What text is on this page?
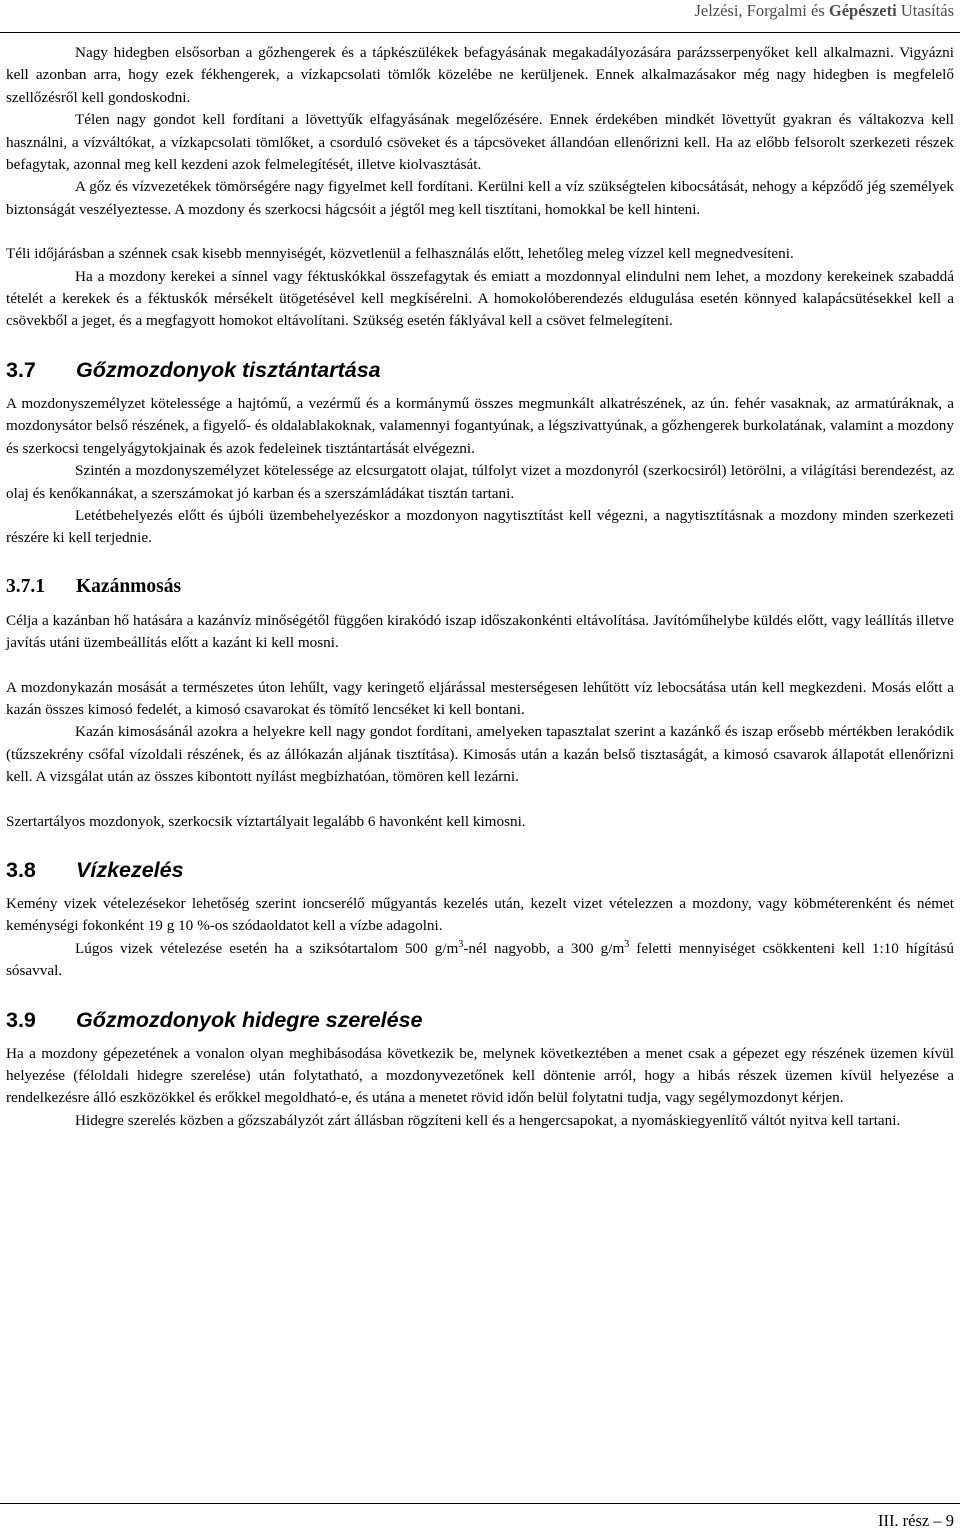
Jelzési, Forgalmi és Gépészeti Utasítás

Nagy hidegben elsősorban a gőzhengerek és a tápkészülékek befagyásának megakadályozására parázsserpenyőket kell alkalmazni. Vigyázni kell azonban arra, hogy ezek fékhengerek, a vízkapcsolati tömlők közelébe ne kerüljenek. Ennek alkalmazásakor még nagy hidegben is megfelelő szellőzésről kell gondoskodni.

Télen nagy gondot kell fordítani a lövettyűk elfagyásának megelőzésére. Ennek érdekében mindkét lövettyűt gyakran és váltakozva kell használni, a vízváltókat, a vízkapcsolati tömlőket, a csorduló csöveket és a tápcsöveket állandóan ellenőrizni kell. Ha az előbb felsorolt szerkezeti részek befagytak, azonnal meg kell kezdeni azok felmelegítését, illetve kiolvasztását.

A gőz és vízvezetékek tömörségére nagy figyelmet kell fordítani. Kerülni kell a víz szükségtelen kibocsátását, nehogy a képződő jég személyek biztonságát veszélyeztesse. A mozdony és szerkocsi hágcsóit a jégtől meg kell tisztítani, homokkal be kell hinteni.

Téli időjárásban a szénnek csak kisebb mennyiségét, közvetlenül a felhasználás előtt, lehetőleg meleg vízzel kell megnedvesíteni.

Ha a mozdony kerekei a sínnel vagy féktuskókkal összefagytak és emiatt a mozdonnyal elindulni nem lehet, a mozdony kerekeinek szabaddá tételét a kerekek és a féktuskók mérsékelt ütögetésével kell megkísérelni. A homokolóberendezés eldugulása esetén könnyed kalapácsütésekkel kell a csövekből a jeget, és a megfagyott homokot eltávolítani. Szükség esetén fáklyával kell a csövet felmelegíteni.

3.7 Gőzmozdonyok tisztántartása

A mozdonyszemélyzet kötelessége a hajtómű, a vezérmű és a kormánymű összes megmunkált alkatrészének, az ún. fehér vasaknak, az armatúráknak, a mozdonysátor belső részének, a figyelő- és oldalablakoknak, valamennyi fogantyúnak, a légszivattyúnak, a gőzhengerek burkolatának, valamint a mozdony és szerkocsi tengelyágytokjainak és azok fedeleinek tisztántartását elvégezni.

Szintén a mozdonyszemélyzet kötelessége az elcsurgatott olajat, túlfolyt vizet a mozdonyról (szerkocsiról) letörölni, a világítási berendezést, az olaj és kenőkannákat, a szerszámokat jó karban és a szerszámládákat tisztán tartani.

Letétbehelyezés előtt és újbóli üzembehelyezéskor a mozdonyon nagytisztítást kell végezni, a nagytisztításnak a mozdony minden szerkezeti részére ki kell terjednie.

3.7.1 Kazánmosás

Célja a kazánban hő hatására a kazánvíz minőségétől függően kirakódó iszap időszakonkénti eltávolítása. Javítóműhelybe küldés előtt, vagy leállítás illetve javítás utáni üzembeállítás előtt a kazánt ki kell mosni.

A mozdonykazán mosását a természetes úton lehűlt, vagy keringető eljárással mesterségesen lehűtött víz lebocsátása után kell megkezdeni. Mosás előtt a kazán összes kimosó fedelét, a kimosó csavarokat és tömítő lencséket ki kell bontani.

Kazán kimosásánál azokra a helyekre kell nagy gondot fordítani, amelyeken tapasztalat szerint a kazánkő és iszap erősebb mértékben lerakódik (tűzszekrény csőfal vízoldali részének, és az állókazán aljának tisztítása). Kimosás után a kazán belső tisztaságát, a kimosó csavarok állapotát ellenőrizni kell. A vizsgálat után az összes kibontott nyílást megbízhatóan, tömören kell lezárni.

Szertartályos mozdonyok, szerkocsik víztartályait legalább 6 havonként kell kimosni.

3.8 Vízkezelés

Kemény vizek vételezésekor lehetőség szerint ioncserélő műgyantás kezelés után, kezelt vizet vételezzen a mozdony, vagy köbméterenként és német keménységi fokonként 19 g 10 %-os szódaoldatot kell a vízbe adagolni.

Lúgos vizek vételezése esetén ha a sziksótartalom 500 $g/m^3$-nél nagyobb, a 300 $g/m^3$ feletti mennyiséget csökkenteni kell 1:10 hígítású sósavval.

3.9 Gőzmozdonyok hidegre szerelése

Ha a mozdony gépezetének a vonalon olyan meghibásodása következik be, melynek következtében a menet csak a gépezet egy részének üzemen kívül helyezése (féloldali hidegre szerelése) után folytatható, a mozdonyvezetőnek kell döntenie arról, hogy a hibás részek üzemen kívül helyezése a rendelkezésre álló eszközökkel és erőkkel megoldható-e, és utána a menetet rövid időn belül folytatni tudja, vagy segélymozdonyt kérjen.

Hidegre szerelés közben a gőzszabályzót zárt állásban rögzíteni kell és a hengercsapokat, a nyomáskiegyenlítő váltót nyitva kell tartani.

III. rész – 9
